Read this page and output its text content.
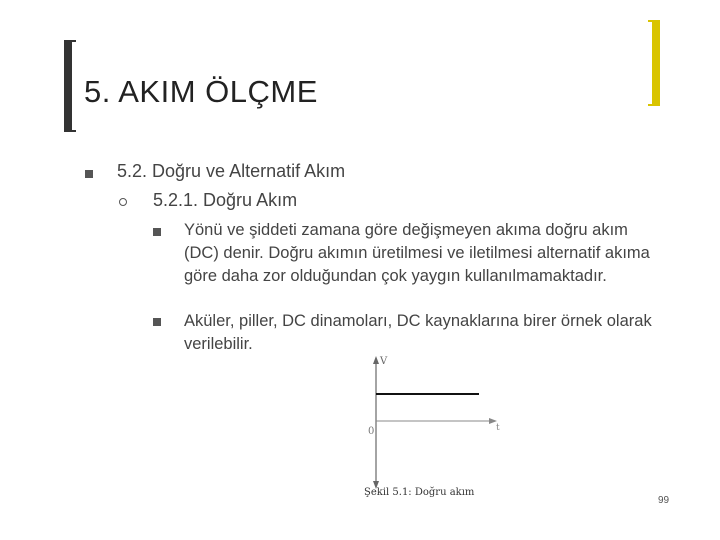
5. AKIM ÖLÇME
5.2. Doğru ve Alternatif Akım
5.2.1. Doğru Akım
Yönü ve şiddeti zamana göre değişmeyen akıma doğru akım (DC) denir. Doğru akımın üretilmesi ve iletilmesi alternatif akıma göre daha zor olduğundan çok yaygın kullanılmamaktadır.
Aküler, piller, DC dinamoları, DC kaynaklarına birer örnek olarak verilebilir.
V
t
0
Şekil 5.1: Doğru akım
99
